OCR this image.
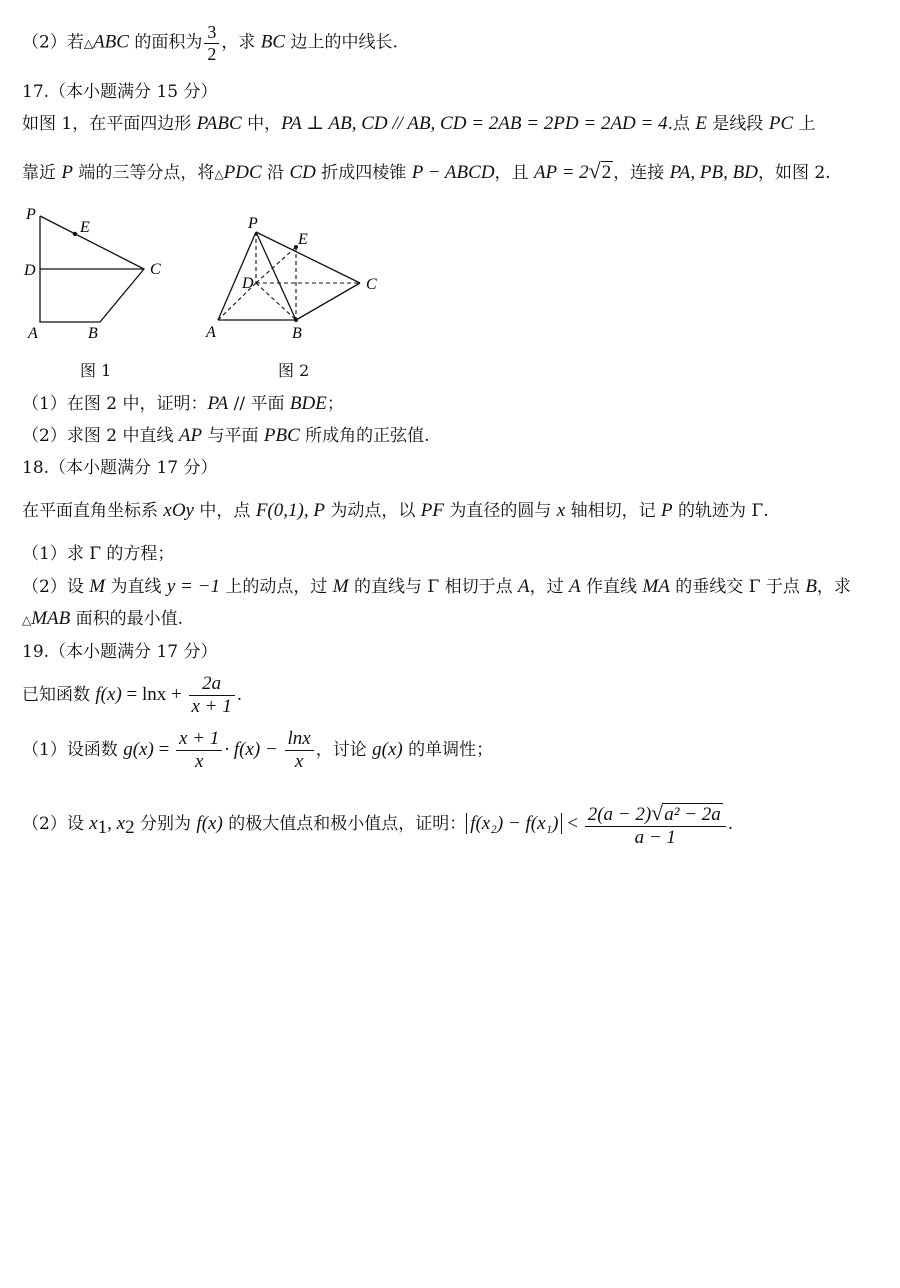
（2）若△ABC 的面积为 $\frac{3}{2}$ ，求 BC 边上的中线长.
17.（本小题满分 15 分）
如图 1，在平面四边形 PABC 中，PA ⊥ AB, CD // AB, CD = 2AB = 2PD = 2AD = 4.点 E 是线段 PC 上
靠近 P 端的三等分点，将△PDC 沿 CD 折成四棱锥 P − ABCD，且 AP = 2√2 ，连接 PA, PB, BD，如图 2.
P
E
D	C
A	B
图 1
P
E
D	C
A	B
图 2
（1）在图 2 中，证明：PA // 平面 BDE；
（2）求图 2 中直线 AP 与平面 PBC 所成角的正弦值.
18.（本小题满分 17 分）
在平面直角坐标系 xOy 中，点 F(0,1), P 为动点，以 PF 为直径的圆与 x 轴相切，记 P 的轨迹为 Γ.
（1）求 Γ 的方程；
（2）设 M 为直线 y = −1 上的动点，过 M 的直线与 Γ 相切于点 A，过 A 作直线 MA 的垂线交 Γ 于点 B，求
△MAB 面积的最小值.
19.（本小题满分 17 分）
已知函数 $f(x) = \ln x + \frac{2a}{x + 1}$ .
（1）设函数 $g(x) = \frac{x + 1}{x} \cdot f(x) - \frac{\ln x}{x}$ ，讨论 g(x) 的单调性；
（2）设 $x_1$, $x_2$ 分别为 f(x) 的极大值点和极小值点，证明： $f(x_2) - f(x_1) < \frac{\text{2(a − 2)√a² − 2a}}{a - 1}$ .
